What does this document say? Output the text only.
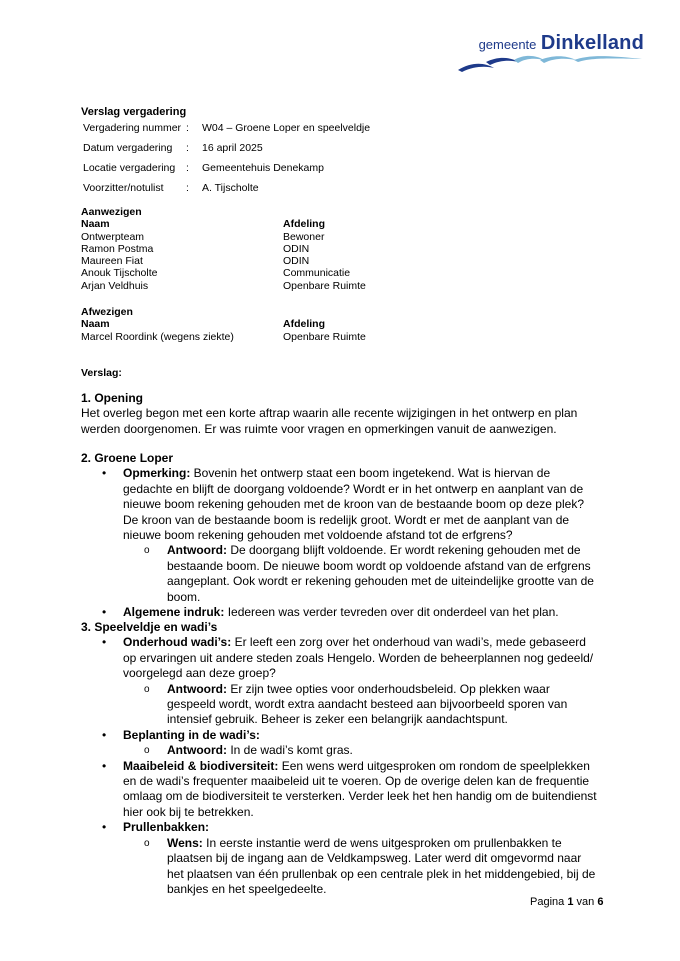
gemeente Dinkelland
Verslag vergadering
Vergadering nummer :	W04 – Groene Loper en speelveldje
Datum vergadering	:	16 april 2025
Locatie vergadering	:	Gemeentehuis Denekamp
Voorzitter/notulist	:	A. Tijscholte
Aanwezigen
Naam	Afdeling
Ontwerpteam	Bewoner
Ramon Postma	ODIN
Maureen Fiat	ODIN
Anouk Tijscholte	Communicatie
Arjan Veldhuis	Openbare Ruimte
Afwezigen
Naam	Afdeling
Marcel Roordink (wegens ziekte)	Openbare Ruimte
Verslag:
1. Opening
Het overleg begon met een korte aftrap waarin alle recente wijzigingen in het ontwerp en plan werden doorgenomen. Er was ruimte voor vragen en opmerkingen vanuit de aanwezigen.
2. Groene Loper
• Opmerking: Bovenin het ontwerp staat een boom ingetekend. Wat is hiervan de gedachte en blijft de doorgang voldoende? Wordt er in het ontwerp en aanplant van de nieuwe boom rekening gehouden met de kroon van de bestaande boom op deze plek? De kroon van de bestaande boom is redelijk groot. Wordt er met de aanplant van de nieuwe boom rekening gehouden met voldoende afstand tot de erfgrens?
o Antwoord: De doorgang blijft voldoende. Er wordt rekening gehouden met de bestaande boom. De nieuwe boom wordt op voldoende afstand van de erfgrens aangeplant. Ook wordt er rekening gehouden met de uiteindelijke grootte van de boom.
• Algemene indruk: Iedereen was verder tevreden over dit onderdeel van het plan.
3. Speelveldje en wadi’s
• Onderhoud wadi’s: Er leeft een zorg over het onderhoud van wadi’s, mede gebaseerd op ervaringen uit andere steden zoals Hengelo. Worden de beheerplannen nog gedeeld/ voorgelegd aan deze groep?
o Antwoord: Er zijn twee opties voor onderhoudsbeleid. Op plekken waar gespeeld wordt, wordt extra aandacht besteed aan bijvoorbeeld sporen van intensief gebruik. Beheer is zeker een belangrijk aandachtspunt.
• Beplanting in de wadi’s:
o Antwoord: In de wadi’s komt gras.
• Maaibeleid & biodiversiteit: Een wens werd uitgesproken om rondom de speelplekken en de wadi’s frequenter maaibeleid uit te voeren. Op de overige delen kan de frequentie omlaag om de biodiversiteit te versterken. Verder leek het hen handig om de buitendienst hier ook bij te betrekken.
• Prullenbakken:
o Wens: In eerste instantie werd de wens uitgesproken om prullenbakken te plaatsen bij de ingang aan de Veldkampsweg. Later werd dit omgevormd naar het plaatsen van één prullenbak op een centrale plek in het middengebied, bij de bankjes en het speelgedeelte.
Pagina 1 van 6
